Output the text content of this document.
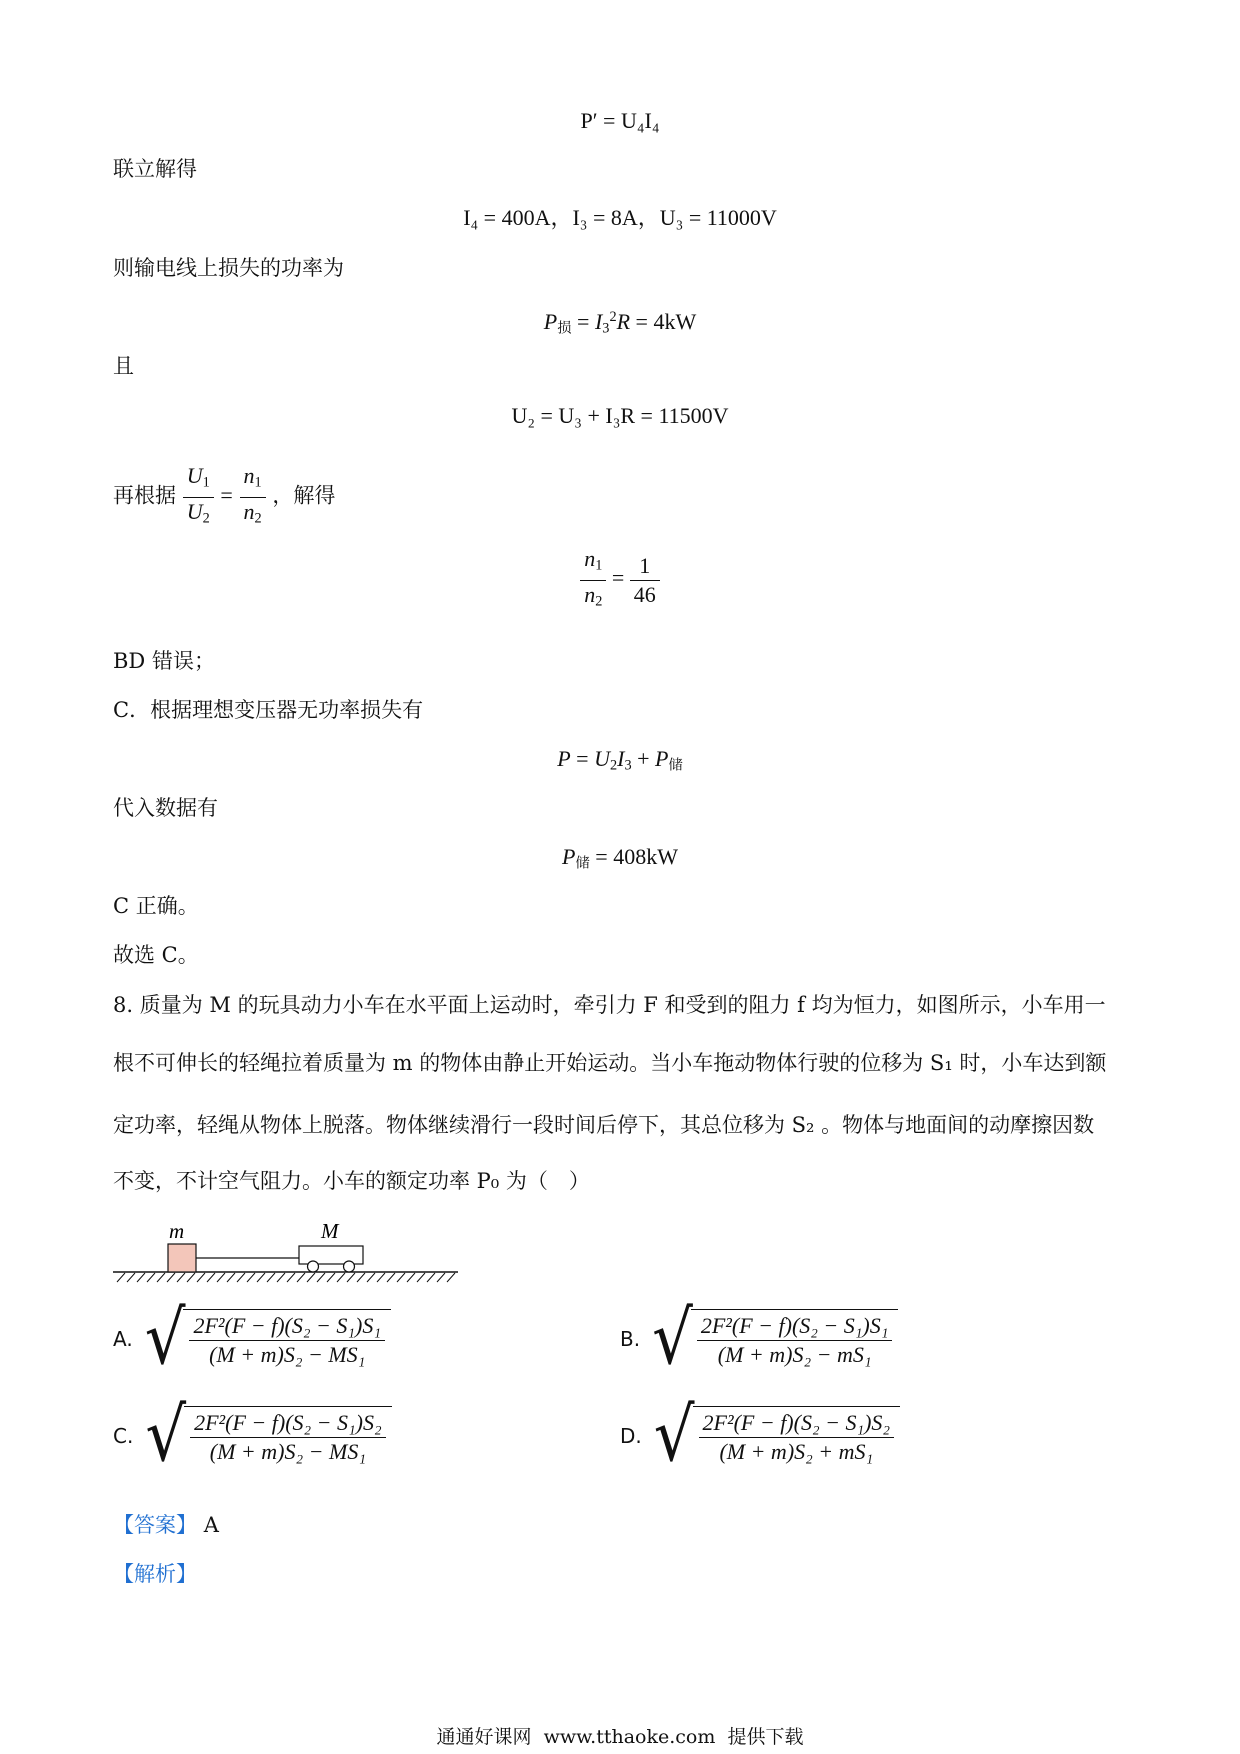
P′ = U₄I₄
联立解得
I₄ = 400A，I₃ = 8A，U₃ = 11000V
则输电线上损失的功率为
$P_损 = I_3^2R = 4kW$
且
U₂ = U₃ + I₃R = 11500V
再根据 $\frac{U_1}{U_2} = \frac{n_1}{n_2}$ ，解得
$\frac{n_1}{n_2} = \frac{1}{46}$
BD 错误；
C．根据理想变压器无功率损失有
$P = U_2I_3 + P_储$
代入数据有
$P_储 = 408kW$
C 正确。
故选 C。
8. 质量为 M 的玩具动力小车在水平面上运动时，牵引力 F 和受到的阻力 f 均为恒力，如图所示，小车用一
根不可伸长的轻绳拉着质量为 m 的物体由静止开始运动。当小车拖动物体行驶的位移为 S₁ 时，小车达到额
定功率，轻绳从物体上脱落。物体继续滑行一段时间后停下，其总位移为 S₂ 。物体与地面间的动摩擦因数
不变，不计空气阻力。小车的额定功率 P₀ 为（　）
m	M
A. √ $\frac{\text{2F²(F − f)(S₂ − S₁)S₁}}{\text{(M + m)S₂ − MS₁}}$	B. √ $\frac{\text{2F²(F − f)(S₂ − S₁)S₁}}{\text{(M + m)S₂ − mS₁}}$
C. √ $\frac{\text{2F²(F − f)(S₂ − S₁)S₂}}{\text{(M + m)S₂ − MS₁}}$	D. √ $\frac{\text{2F²(F − f)(S₂ − S₁)S₂}}{\text{(M + m)S₂ + mS₁}}$
【答案】 A
【解析】
通通好课网 www.tthaoke.com 提供下载
